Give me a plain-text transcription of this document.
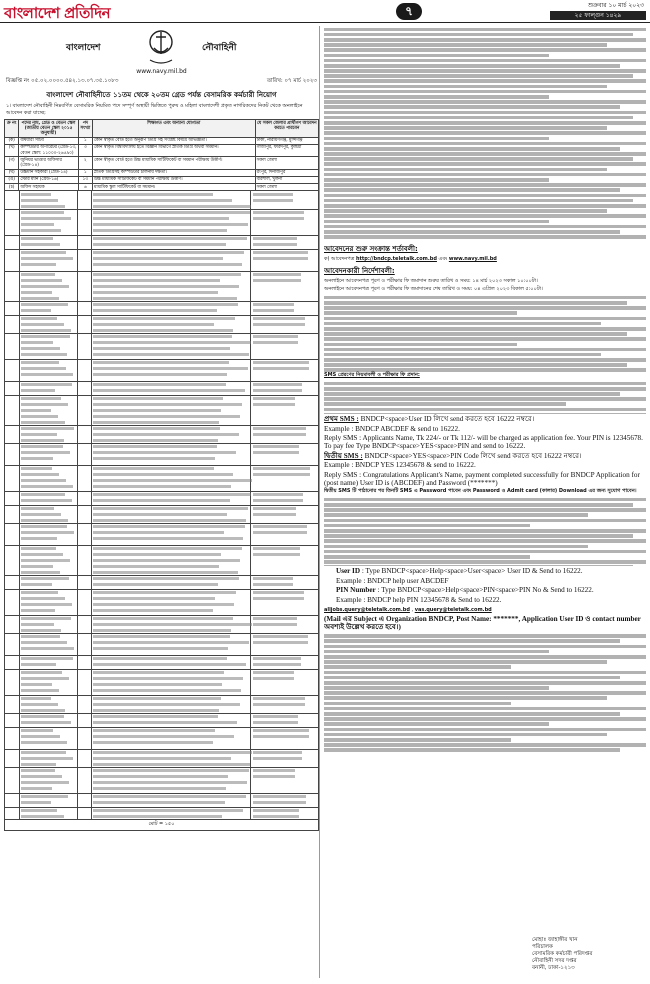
বাংলাদেশ প্রতিদিন	৭	শুক্রবার ১০ মার্চ ২০২৩
২৫ ফাল্গুন ১৪২৯
বাংলাদেশ	নৌবাহিনী
www.navy.mil.bd
বিজ্ঞপ্তি নং ০৫.০২.০০০০.৫৪২.১৩.০৭.৩৫.১০৮৩	তারিখ: ০৭ মার্চ ২০২৩
বাংলাদেশ নৌবাহিনীতে ১১তম থেকে ২০তম গ্রেড পর্যন্ত বেসামরিক কর্মচারী নিয়োগ
১। বাংলাদেশ নৌবাহিনী নিম্নবর্ণিত বেসামরিক নিয়মিত পদে সম্পূর্ণ অস্থায়ী ভিত্তিতে পুরুষ ও মহিলা বাংলাদেশী প্রকৃত নাগরিকদের নিকট থেকে অনলাইনে আবেদন করা যাচ্ছে:
ক্র নং	পদের নাম, গ্রেড ও বেতন স্কেল (জাতীয় বেতন স্কেল ২০১৫ অনুযায়ী)	পদ সংখ্যা	শিক্ষাগত এবং অন্যান্য যোগ্যতা	যে সকল জেলার প্রার্থীগণ আবেদন করতে পারবেন
(ক)	বর্ষিয়ারী সচিব	১	কোন স্বীকৃত বোর্ড হতে অনুরূপ ডিগ্রি সহ সংশ্লিষ্ট বিষয়ে অভিজ্ঞতা।	ঢাকা, নারায়ণগঞ্জ, মুন্সিগঞ্জ
(খ)	কম্পিউটার অপারেটর (গ্রেড-১৩, বেতন স্কেল: ১১০০০-২৬৫৯০)	৩	কোন স্বীকৃত বিশ্ববিদ্যালয় হতে বিজ্ঞান বিভাগে স্নাতক ডিগ্রি অথবা সমমান।	গাজীপুর, ফরিদপুর, কুষ্টিয়া
(গ)	জুনিয়র ভাণ্ডার অফিসার (গ্রেড-১৪)	২	কোন স্বীকৃত বোর্ড হতে উচ্চ মাধ্যমিক সার্টিফিকেট বা সমমান পরীক্ষায় উত্তীর্ণ।	সকল জেলা
(ঘ)	উচ্চমান সহকারী (গ্রেড-১৪)	১	স্নাতক ডিগ্রিসহ কম্পিউটার চালনায় দক্ষতা।	রংপুর, দিনাজপুর
(ঙ)	স্টোর ম্যান (গ্রেড-১৬)	১৩	উচ্চ মাধ্যমিক সার্টিফিকেট বা সমমান পরীক্ষায় উত্তীর্ণ।	বরিশাল, খুলনা
(চ)	অফিস সহায়ক	৬	মাধ্যমিক স্কুল সার্টিফিকেট বা সমমান।	সকল জেলা
মোট = ১৫০
আবেদনের শুরু সংক্রান্ত শর্তাবলী:
ক) আবেদনপত্র http://bndcp.teletalk.com.bd এবং www.navy.mil.bd
আবেদনকারী নির্দেশাবলী:
অনলাইনে আবেদনপত্র পূরণ ও পরীক্ষার ফি জমাদান শুরুর তারিখ ও সময়: ১৪ মার্চ ২০২৩ সকাল ১০:০০টা।
অনলাইনে আবেদনপত্র পূরণ ও পরীক্ষার ফি জমাদানের শেষ তারিখ ও সময়: ০৪ এপ্রিল ২০২৩ বিকাল ৫:০০টা।
SMS প্রেরণের নিয়মাবলী ও পরীক্ষার ফি প্রদান:
প্রথম SMS : BNDCP<space>User ID লিখে send করতে হবে 16222 নম্বরে।
Example : BNDCP ABCDEF & send to 16222.
Reply SMS : Applicants Name, Tk 224/- or Tk 112/- will be charged as application fee. Your PIN is 12345678. To pay fee Type BNDCP<space>YES<space>PIN and send to 16222.
দ্বিতীয় SMS : BNDCP<space>YES<space>PIN Code লিখে send করতে হবে 16222 নম্বরে।
Example : BNDCP YES 12345678 & send to 16222.
Reply SMS : Congratulations Applicant's Name, payment completed successfully for BNDCP Application for (post name) User ID is (ABCDEF) and Password (*******)
দ্বিতীয় SMS টি পাঠানোর পর তিনটি SMS এ Password পাবেন এবং Password ও Admit card (কালার) Download এর জন্য সুযোগ পাবেন।
User ID : Type BNDCP<space>Help<space>User<space> User ID & Send to 16222.
Example : BNDCP help user ABCDEF
PIN Number : Type BNDCP<space>Help<space>PIN<space>PIN No & Send to 16222.
Example : BNDCP help PIN 12345678 & Send to 16222.
alljobs.query@teletalk.com.bd , vas.query@teletalk.com.bd
(Mail এর Subject এ Organization BNDCP, Post Name: *******, Application User ID ও contact number অবশ্যই উল্লেখ করতে হবে।)
মোহাঃ জাহাঙ্গীর খান
পরিচালক
বেসামরিক কর্মচারী পরিদপ্তর
নৌবাহিনী সদর দপ্তর
বনানী, ঢাকা-১২১৩
